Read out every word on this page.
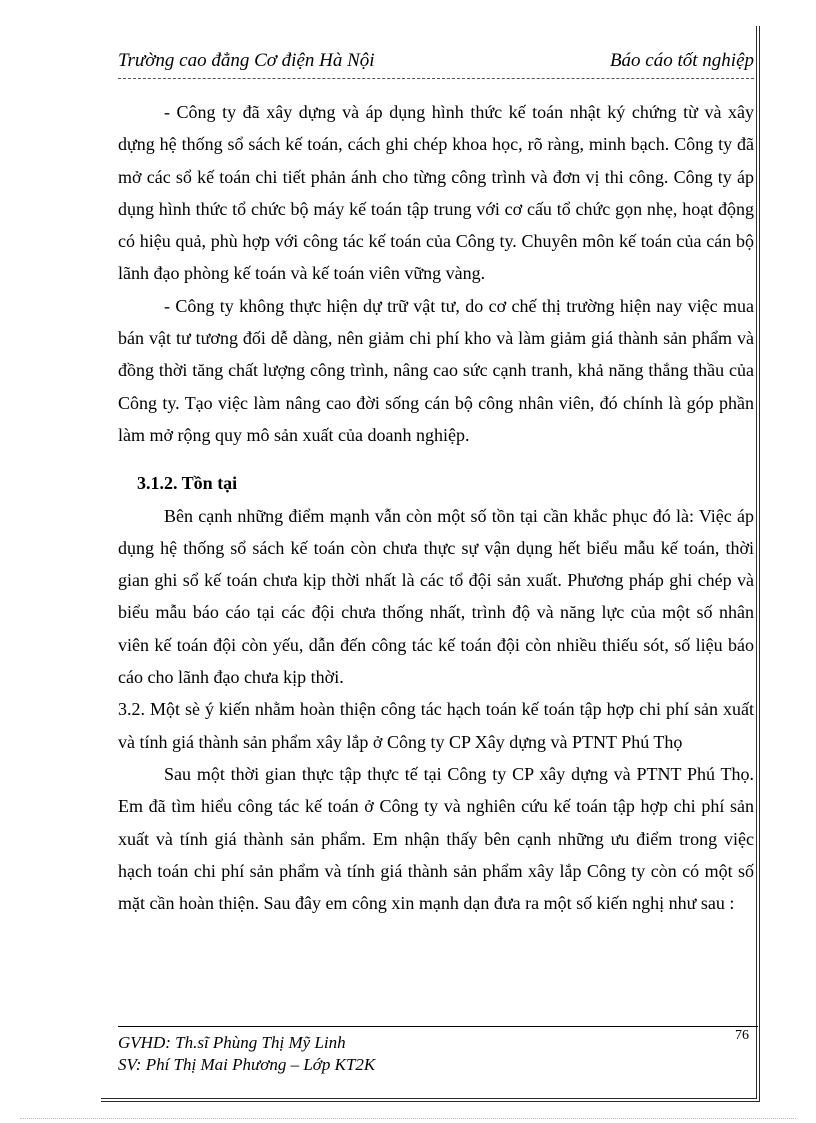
Trường cao đẳng Cơ điện Hà Nội	Báo cáo tốt nghiệp

- Công ty đã xây dựng và áp dụng hình thức kế toán nhật ký chứng từ và xây dựng hệ thống sổ sách kế toán, cách ghi chép khoa học, rõ ràng, minh bạch. Công ty đã mở các sổ kế toán chi tiết phản ánh cho từng công trình và đơn vị thi công. Công ty áp dụng hình thức tổ chức bộ máy kế toán tập trung với cơ cấu tổ chức gọn nhẹ, hoạt động có hiệu quả, phù hợp với công tác kế toán của Công ty. Chuyên môn kế toán của cán bộ lãnh đạo phòng kế toán và kế toán viên vững vàng.

- Công ty không thực hiện dự trữ vật tư, do cơ chế thị trường hiện nay việc mua bán vật tư tương đối dễ dàng, nên giảm chi phí kho và làm giảm giá thành sản phẩm và đồng thời tăng chất lượng công trình, nâng cao sức cạnh tranh, khả năng thắng thầu của Công ty. Tạo việc làm nâng cao đời sống cán bộ công nhân viên, đó chính là góp phần làm mở rộng quy mô sản xuất của doanh nghiệp.

3.1.2. Tồn tại

Bên cạnh những điểm mạnh vẫn còn một số tồn tại cần khắc phục đó là: Việc áp dụng hệ thống sổ sách kế toán còn chưa thực sự vận dụng hết biểu mẫu kế toán, thời gian ghi sổ kế toán chưa kịp thời nhất là các tổ đội sản xuất. Phương pháp ghi chép và biểu mẫu báo cáo tại các đội chưa thống nhất, trình độ và năng lực của một số nhân viên kế toán đội còn yếu, dẫn đến công tác kế toán đội còn nhiều thiếu sót, số liệu báo cáo cho lãnh đạo chưa kịp thời.

3.2. Một sè ý kiến nhằm hoàn thiện công tác hạch toán kế toán tập hợp chi phí sản xuất và tính giá thành sản phẩm xây lắp ở Công ty CP Xây dựng và PTNT Phú Thọ

Sau một thời gian thực tập thực tế tại Công ty CP xây dựng và PTNT Phú Thọ. Em đã tìm hiểu công tác kế toán ở Công ty và nghiên cứu kế toán tập hợp chi phí sản xuất và tính giá thành sản phẩm. Em nhận thấy bên cạnh những ưu điểm trong việc hạch toán chi phí sản phẩm và tính giá thành sản phẩm xây lắp Công ty còn có một số mặt cần hoàn thiện. Sau đây em công xin mạnh dạn đưa ra một số kiến nghị như sau :

76
GVHD: Th.sĩ Phùng Thị Mỹ Linh
SV: Phí Thị Mai Phương – Lớp KT2K
